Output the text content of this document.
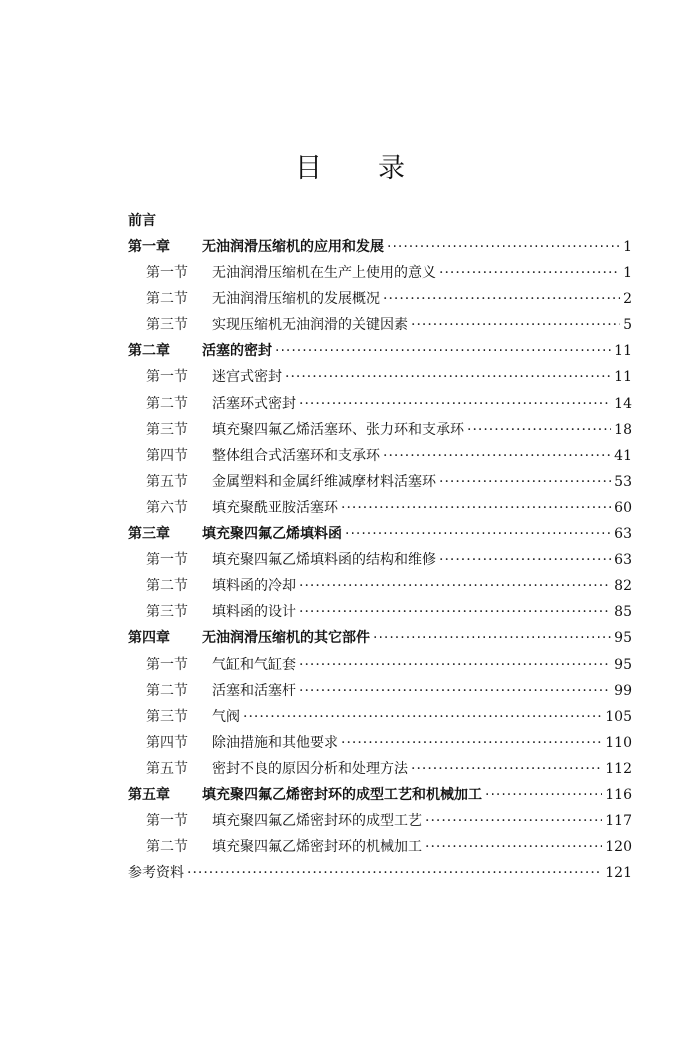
目 录
前言
第一章	无油润滑压缩机的应用和发展 ·····	1
第一节	无油润滑压缩机在生产上使用的意义 ·····	1
第二节	无油润滑压缩机的发展概况 ·····	2
第三节	实现压缩机无油润滑的关键因素 ·····	5
第二章	活塞的密封 ·····	11
第一节	迷宫式密封 ·····	11
第二节	活塞环式密封 ·····	14
第三节	填充聚四氟乙烯活塞环、张力环和支承环 ·····	18
第四节	整体组合式活塞环和支承环 ·····	41
第五节	金属塑料和金属纤维减摩材料活塞环 ·····	53
第六节	填充聚酰亚胺活塞环 ·····	60
第三章	填充聚四氟乙烯填料函 ·····	63
第一节	填充聚四氟乙烯填料函的结构和维修 ·····	63
第二节	填料函的冷却 ·····	82
第三节	填料函的设计 ·····	85
第四章	无油润滑压缩机的其它部件 ·····	95
第一节	气缸和气缸套 ·····	95
第二节	活塞和活塞杆 ·····	99
第三节	气阀 ·····	105
第四节	除油措施和其他要求 ·····	110
第五节	密封不良的原因分析和处理方法 ·····	112
第五章	填充聚四氟乙烯密封环的成型工艺和机械加工 ·····	116
第一节	填充聚四氟乙烯密封环的成型工艺 ·····	117
第二节	填充聚四氟乙烯密封环的机械加工 ·····	120
参考资料 ·····	121
